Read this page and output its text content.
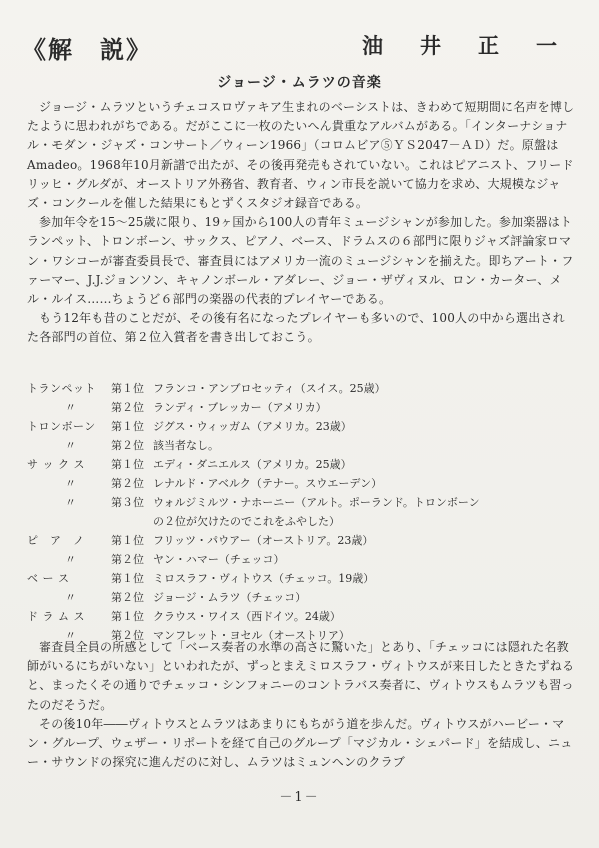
《解　説》	油　井　正　一
ジョージ・ムラツの音楽

ジョージ・ムラツというチェコスロヴァキア生まれのベーシストは、きわめて短期間に名声を博したように思われがちである。だがここに一枚のたいへん貴重なアルバムがある。「インターナショナル・モダン・ジャズ・コンサート／ウィーン1966」（コロムビア⑤ＹＳ2047－ＡＤ）だ。原盤は Amadeo。1968年10月新譜で出たが、その後再発売もされていない。これはピアニスト、フリードリッヒ・グルダが、オーストリア外務省、教育者、ウィン市長を説いて協力を求め、大規模なジャズ・コンクールを催した結果にもとずくスタジオ録音である。

参加年令を15～25歳に限り、19ヶ国から100人の青年ミュージシャンが参加した。参加楽器はトランペット、トロンボーン、サックス、ピアノ、ベース、ドラムスの６部門に限りジャズ評論家ロマン・ワシコーが審査委員長で、審査員にはアメリカ一流のミュージシャンを揃えた。即ちアート・ファーマー、J.J.ジョンソン、キャノンボール・アダレー、ジョー・ザヴィヌル、ロン・カーター、メル・ルイス……ちょうど６部門の楽器の代表的プレイヤーである。

もう12年も昔のことだが、その後有名になったプレイヤーも多いので、100人の中から選出された各部門の首位、第２位入賞者を書き出しておこう。

トランペット	第１位 フランコ・アンブロセッティ（スイス。25歳）
〃	第２位 ランディ・ブレッカー（アメリカ）
トロンボーン	第１位 ジグス・ウィッガム（アメリカ。23歳）
〃	第２位 該当者なし。
サ ッ ク ス	第１位 エディ・ダニエルス（アメリカ。25歳）
〃	第２位 レナルド・アベルク（テナー。スウエーデン）
〃	第３位 ウォルジミルツ・ナホーニー（アルト。ポーランド。トロンボーン
の２位が欠けたのでこれをふやした）
ピ　ア　ノ	第１位 フリッツ・パウアー（オーストリア。23歳）
〃	第２位 ヤン・ハマー（チェッコ）
ベ ー ス	第１位 ミロスラフ・ヴィトウス（チェッコ。19歳）
〃	第２位 ジョージ・ムラツ（チェッコ）
ド ラ ム ス	第１位 クラウス・ワイス（西ドイツ。24歳）
〃	第２位 マンフレット・ヨセル（オーストリア）

審査員全員の所感として「ベース奏者の水準の高さに驚いた」とあり、「チェッコには隠れた名教師がいるにちがいない」といわれたが、ずっとまえミロスラフ・ヴィトウスが来日したときたずねると、まったくその通りでチェッコ・シンフォニーのコントラバス奏者に、ヴィトウスもムラツも習ったのだそうだ。

その後10年――ヴィトウスとムラツはあまりにもちがう道を歩んだ。ヴィトウスがハービー・マン・グループ、ウェザー・リポートを経て自己のグループ「マジカル・シェパード」を結成し、ニュー・サウンドの探究に進んだのに対し、ムラツはミュンヘンのクラブ

－1－
